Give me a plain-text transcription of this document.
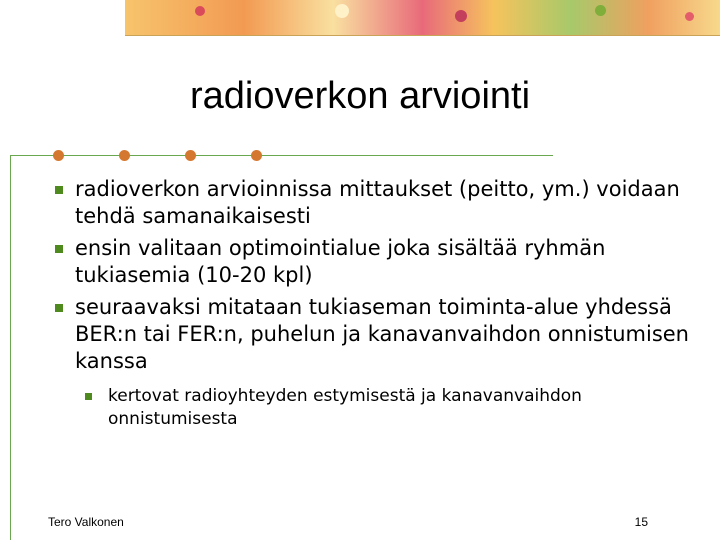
radioverkon arviointi
radioverkon arvioinnissa mittaukset (peitto, ym.) voidaan tehdä samanaikaisesti
ensin valitaan optimointialue joka sisältää ryhmän tukiasemia (10-20 kpl)
seuraavaksi mitataan tukiaseman toiminta-alue yhdessä BER:n tai FER:n, puhelun ja kanavanvaihdon onnistumisen kanssa
kertovat radioyhteyden estymisestä ja kanavanvaihdon onnistumisesta
Tero Valkonen	15
